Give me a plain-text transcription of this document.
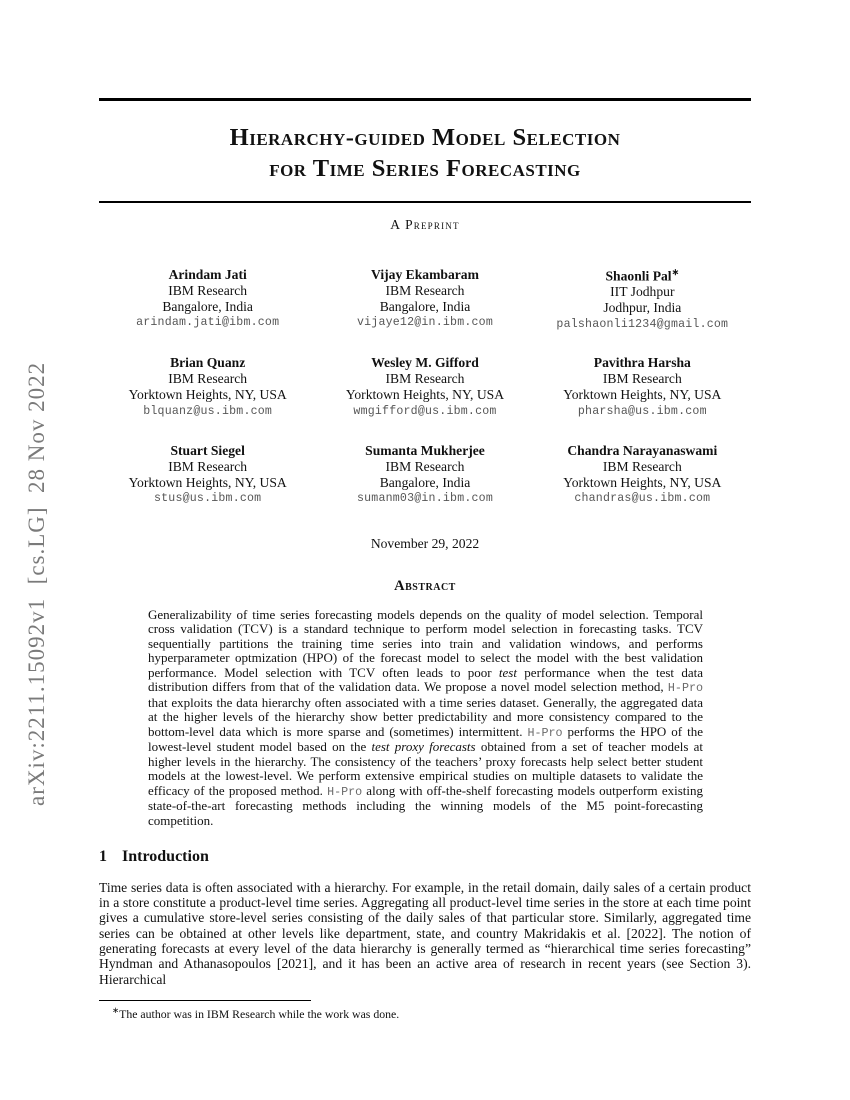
arXiv:2211.15092v1  [cs.LG]  28 Nov 2022
Hierarchy-guided Model Selection
for Time Series Forecasting
A Preprint
Arindam Jati
IBM Research
Bangalore, India
arindam.jati@ibm.com
Vijay Ekambaram
IBM Research
Bangalore, India
vijaye12@in.ibm.com
Shaonli Pal∗
IIT Jodhpur
Jodhpur, India
palshaonli1234@gmail.com
Brian Quanz
IBM Research
Yorktown Heights, NY, USA
blquanz@us.ibm.com
Wesley M. Gifford
IBM Research
Yorktown Heights, NY, USA
wmgifford@us.ibm.com
Pavithra Harsha
IBM Research
Yorktown Heights, NY, USA
pharsha@us.ibm.com
Stuart Siegel
IBM Research
Yorktown Heights, NY, USA
stus@us.ibm.com
Sumanta Mukherjee
IBM Research
Bangalore, India
sumanm03@in.ibm.com
Chandra Narayanaswami
IBM Research
Yorktown Heights, NY, USA
chandras@us.ibm.com
November 29, 2022
Abstract

Generalizability of time series forecasting models depends on the quality of model selection. Temporal cross validation (TCV) is a standard technique to perform model selection in forecasting tasks. TCV sequentially partitions the training time series into train and validation windows, and performs hyperparameter optmization (HPO) of the forecast model to select the model with the best validation performance. Model selection with TCV often leads to poor test performance when the test data distribution differs from that of the validation data. We propose a novel model selection method, H-Pro that exploits the data hierarchy often associated with a time series dataset. Generally, the aggregated data at the higher levels of the hierarchy show better predictability and more consistency compared to the bottom-level data which is more sparse and (sometimes) intermittent. H-Pro performs the HPO of the lowest-level student model based on the test proxy forecasts obtained from a set of teacher models at higher levels in the hierarchy. The consistency of the teachers’ proxy forecasts help select better student models at the lowest-level. We perform extensive empirical studies on multiple datasets to validate the efficacy of the proposed method. H-Pro along with off-the-shelf forecasting models outperform existing state-of-the-art forecasting methods including the winning models of the M5 point-forecasting competition.

1 Introduction

Time series data is often associated with a hierarchy. For example, in the retail domain, daily sales of a certain product in a store constitute a product-level time series. Aggregating all product-level time series in the store at each time point gives a cumulative store-level series consisting of the daily sales of that particular store. Similarly, aggregated time series can be obtained at other levels like department, state, and country Makridakis et al. [2022]. The notion of generating forecasts at every level of the data hierarchy is generally termed as “hierarchical time series forecasting” Hyndman and Athanasopoulos [2021], and it has been an active area of research in recent years (see Section 3). Hierarchical

∗The author was in IBM Research while the work was done.
